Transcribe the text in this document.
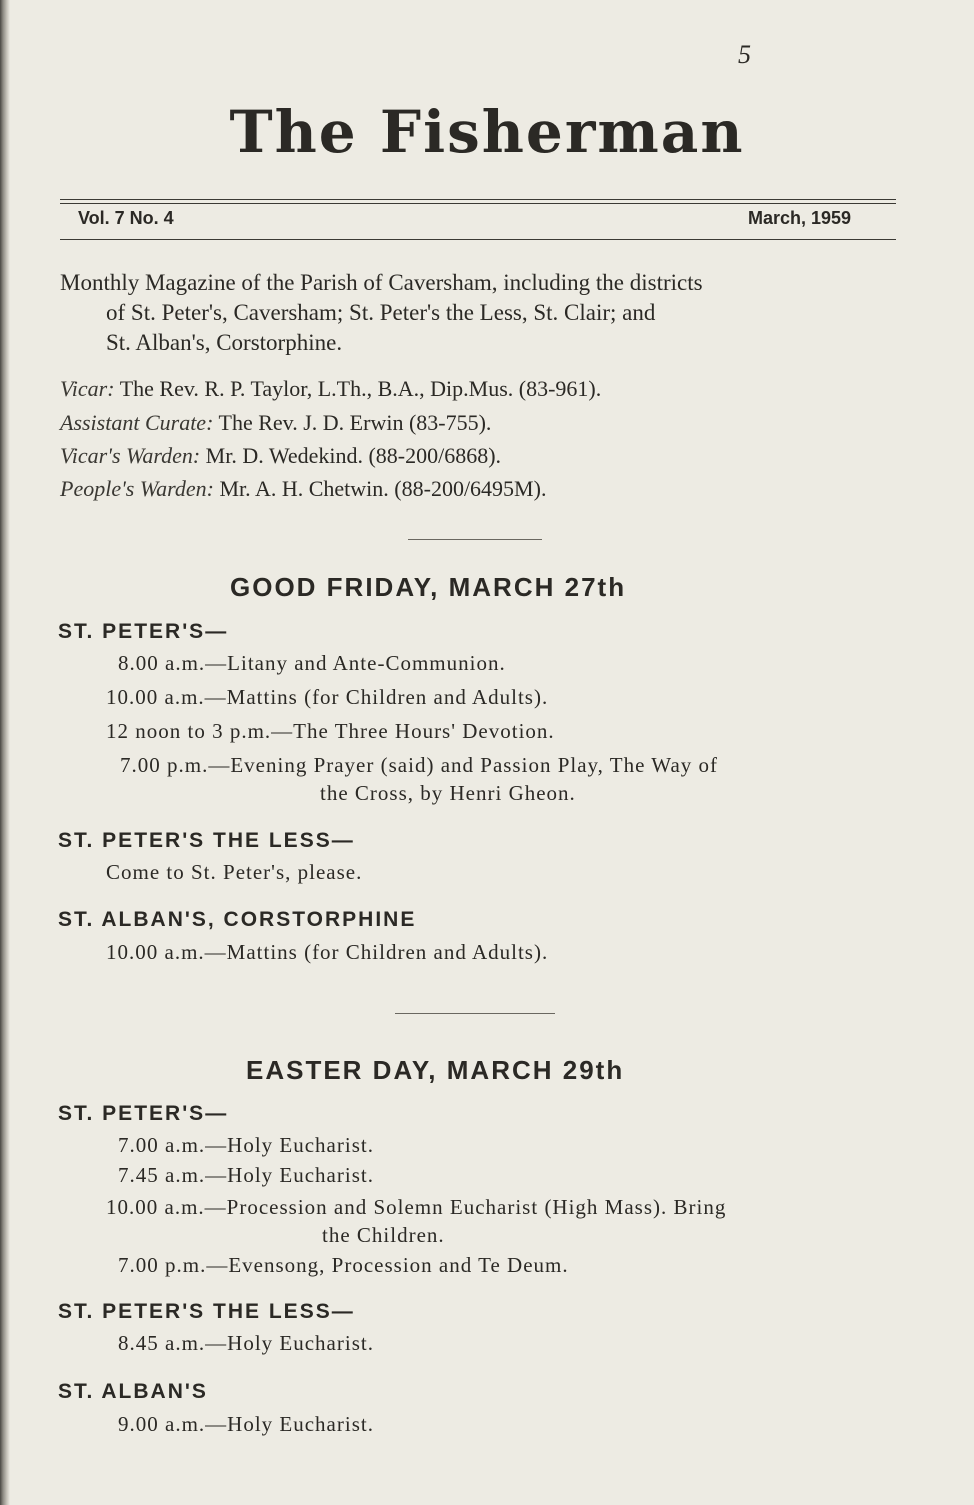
5
The Fisherman
Vol. 7 No. 4	March, 1959
Monthly Magazine of the Parish of Caversham, including the districts
of St. Peter's, Caversham; St. Peter's the Less, St. Clair; and
St. Alban's, Corstorphine.
Vicar: The Rev. R. P. Taylor, L.Th., B.A., Dip.Mus. (83-961).
Assistant Curate: The Rev. J. D. Erwin (83-755).
Vicar's Warden: Mr. D. Wedekind. (88-200/6868).
People's Warden: Mr. A. H. Chetwin. (88-200/6495M).
GOOD FRIDAY, MARCH 27th
ST. PETER'S—
8.00 a.m.—Litany and Ante-Communion.
10.00 a.m.—Mattins (for Children and Adults).
12 noon to 3 p.m.—The Three Hours' Devotion.
7.00 p.m.—Evening Prayer (said) and Passion Play, The Way of
the Cross, by Henri Gheon.
ST. PETER'S THE LESS—
Come to St. Peter's, please.
ST. ALBAN'S, CORSTORPHINE
10.00 a.m.—Mattins (for Children and Adults).
EASTER DAY, MARCH 29th
ST. PETER'S—
7.00 a.m.—Holy Eucharist.
7.45 a.m.—Holy Eucharist.
10.00 a.m.—Procession and Solemn Eucharist (High Mass). Bring
the Children.
7.00 p.m.—Evensong, Procession and Te Deum.
ST. PETER'S THE LESS—
8.45 a.m.—Holy Eucharist.
ST. ALBAN'S
9.00 a.m.—Holy Eucharist.
